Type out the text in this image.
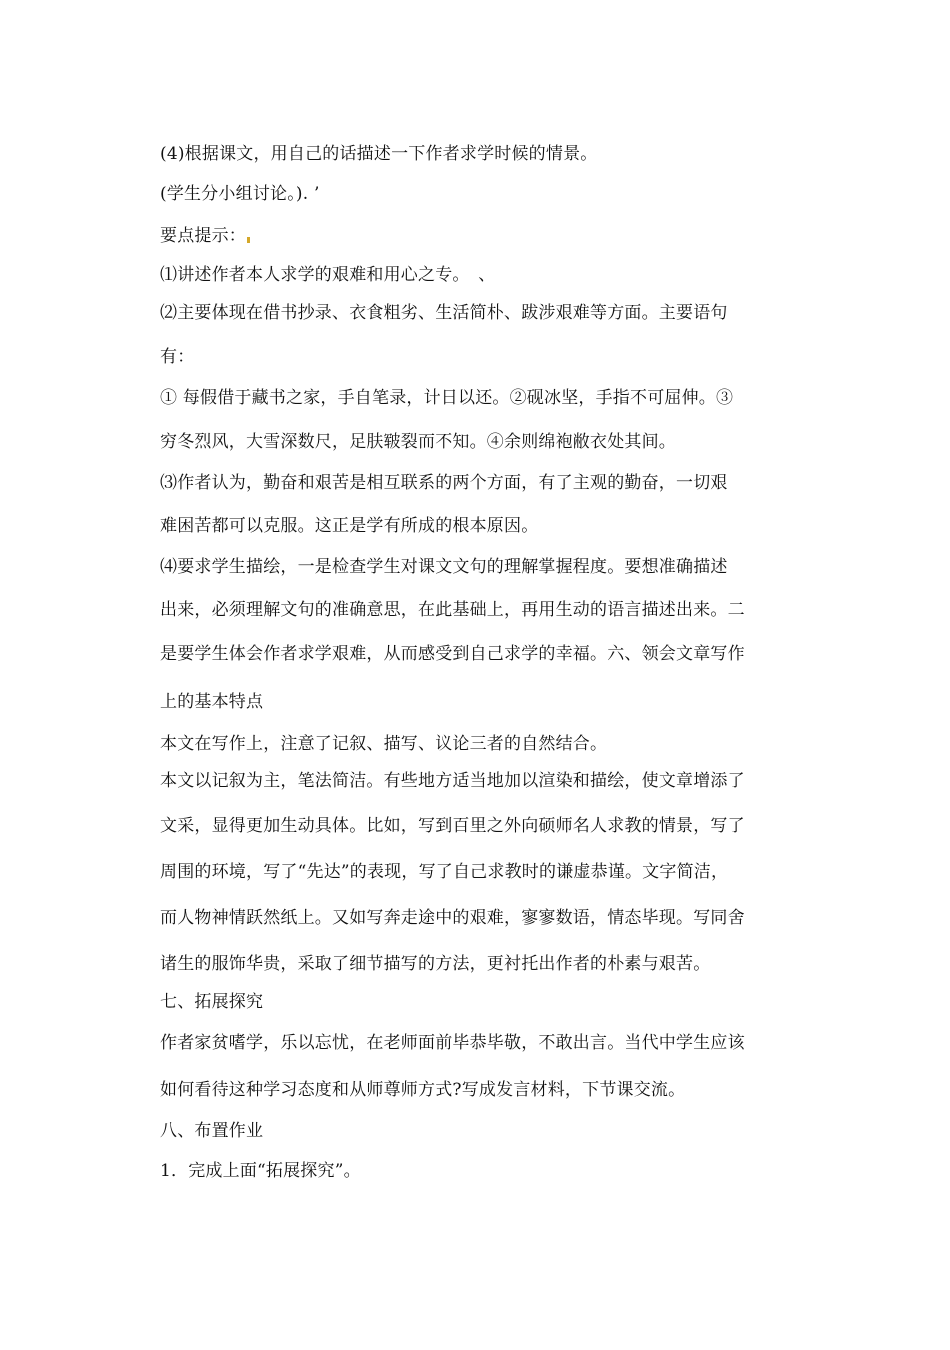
(4)根据课文，用自己的话描述一下作者求学时候的情景。
(学生分小组讨论。). ’
要点提示：
⑴讲述作者本人求学的艰难和用心之专。　、
⑵主要体现在借书抄录、衣食粗劣、生活简朴、跋涉艰难等方面。主要语句
有：
① 每假借于藏书之家，手自笔录，计日以还。②砚冰坚，手指不可屈伸。③
穷冬烈风，大雪深数尺，足肤皲裂而不知。④余则绵袍敝衣处其间。
⑶作者认为，勤奋和艰苦是相互联系的两个方面，有了主观的勤奋，一切艰
难困苦都可以克服。这正是学有所成的根本原因。
⑷要求学生描绘，一是检查学生对课文文句的理解掌握程度。要想准确描述
出来，必须理解文句的准确意思，在此基础上，再用生动的语言描述出来。二
是要学生体会作者求学艰难，从而感受到自己求学的幸福。六、领会文章写作
上的基本特点
本文在写作上，注意了记叙、描写、议论三者的自然结合。
本文以记叙为主，笔法简洁。有些地方适当地加以渲染和描绘，使文章增添了
文采，显得更加生动具体。比如，写到百里之外向硕师名人求教的情景，写了
周围的环境，写了“先达”的表现，写了自己求教时的谦虚恭谨。文字简洁，
而人物神情跃然纸上。又如写奔走途中的艰难，寥寥数语，情态毕现。写同舍
诸生的服饰华贵，采取了细节描写的方法，更衬托出作者的朴素与艰苦。
七、拓展探究
作者家贫嗜学，乐以忘忧，在老师面前毕恭毕敬，不敢出言。当代中学生应该
如何看待这种学习态度和从师尊师方式?写成发言材料，下节课交流。
八、布置作业
1．完成上面“拓展探究”。
